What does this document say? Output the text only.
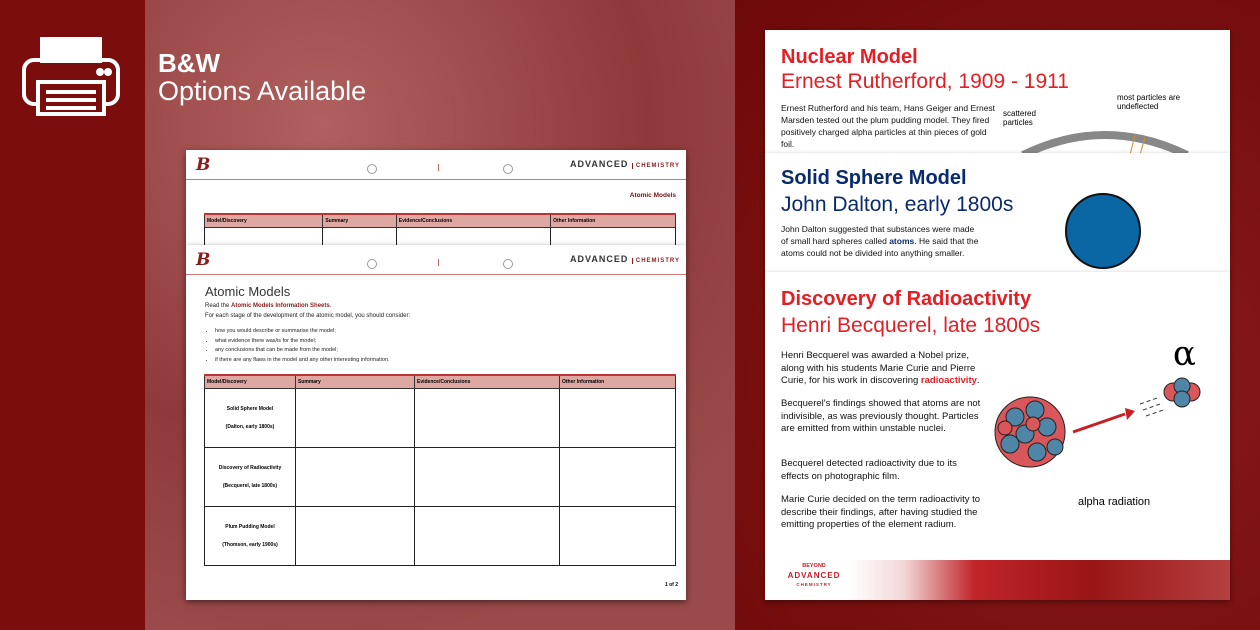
B&W
Options Available
B	ADVANCED CHEMISTRY
Atomic Models
Model/Discovery	Summary	Evidence/Conclusions	Other Information

B	ADVANCED CHEMISTRY
Atomic Models
Read the Atomic Models Information Sheets.
For each stage of the development of the atomic model, you should consider:
• how you would describe or summarise the model;
• what evidence there was/is for the model;
• any conclusions that can be made from the model;
• if there are any flaws in the model and any other interesting information.
Model/Discovery	Summary	Evidence/Conclusions	Other Information

Solid Sphere Model

(Dalton, early 1800s)			

Discovery of Radioactivity

(Becquerel, late 1800s)			

Plum Pudding Model

(Thomson, early 1900s)			

1 of 2
Nuclear Model
Ernest Rutherford, 1909 - 1911
Ernest Rutherford and his team, Hans Geiger and Ernest Marsden tested out the plum pudding model. They fired positively charged alpha particles at thin pieces of gold foil.
scattered particles
most particles are undeflected
Solid Sphere Model
John Dalton, early 1800s
John Dalton suggested that substances were made of small hard spheres called atoms. He said that the atoms could not be divided into anything smaller.
Discovery of Radioactivity
Henri Becquerel, late 1800s
Henri Becquerel was awarded a Nobel prize, along with his students Marie Curie and Pierre Curie, for his work in discovering radioactivity.
Becquerel's findings showed that atoms are not indivisible, as was previously thought. Particles are emitted from within unstable nuclei.
Becquerel detected radioactivity due to its effects on photographic film.
Marie Curie decided on the term radioactivity to describe their findings, after having studied the emitting properties of the element radium.
α
alpha radiation
BEYOND
ADVANCED
CHEMISTRY
